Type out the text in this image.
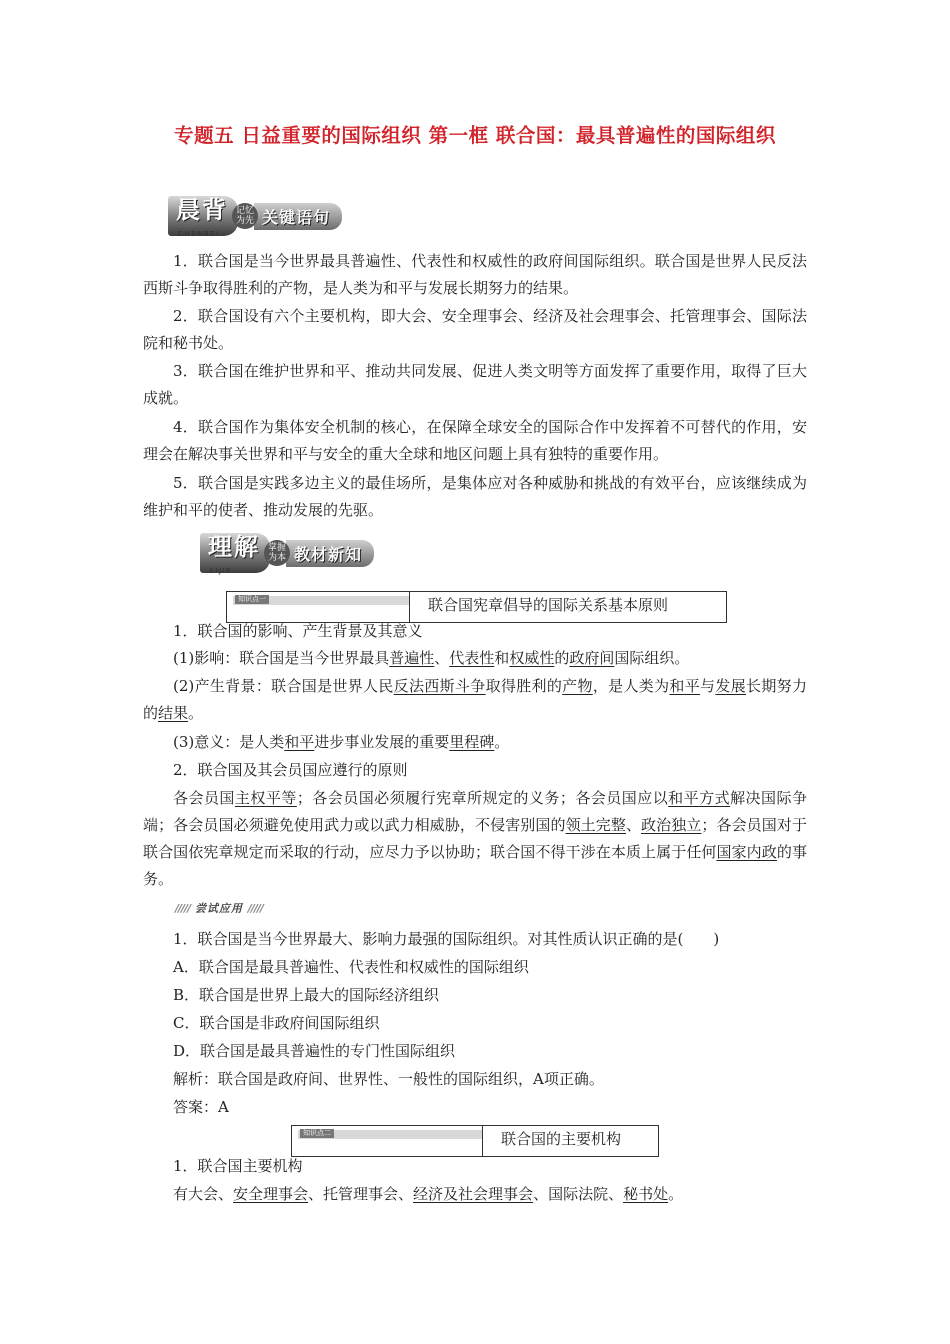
专题五 日益重要的国际组织 第一框 联合国：最具普遍性的国际组织
晨背
CHENBEI
记忆为先 关键语句
1．联合国是当今世界最具普遍性、代表性和权威性的政府间国际组织。联合国是世界人民反法西斯斗争取得胜利的产物，是人类为和平与发展长期努力的结果。
2．联合国设有六个主要机构，即大会、安全理事会、经济及社会理事会、托管理事会、国际法院和秘书处。
3．联合国在维护世界和平、推动共同发展、促进人类文明等方面发挥了重要作用，取得了巨大成就。
4．联合国作为集体安全机制的核心，在保障全球安全的国际合作中发挥着不可替代的作用，安理会在解决事关世界和平与安全的重大全球和地区问题上具有独特的重要作用。
5．联合国是实践多边主义的最佳场所，是集体应对各种威胁和挑战的有效平台，应该继续成为维护和平的使者、推动发展的先驱。
理解
LIJIE
掌握为本 教材新知
知识点一	联合国宪章倡导的国际关系基本原则
1．联合国的影响、产生背景及其意义
(1)影响：联合国是当今世界最具普遍性、代表性和权威性的政府间国际组织。
(2)产生背景：联合国是世界人民反法西斯斗争取得胜利的产物，是人类为和平与发展长期努力的结果。
(3)意义：是人类和平进步事业发展的重要里程碑。
2．联合国及其会员国应遵行的原则
各会员国主权平等；各会员国必须履行宪章所规定的义务；各会员国应以和平方式解决国际争端；各会员国必须避免使用武力或以武力相威胁，不侵害别国的领土完整、政治独立；各会员国对于联合国依宪章规定而采取的行动，应尽力予以协助；联合国不得干涉在本质上属于任何国家内政的事务。
///// 尝试应用 /////
1．联合国是当今世界最大、影响力最强的国际组织。对其性质认识正确的是(　　)
A．联合国是最具普遍性、代表性和权威性的国际组织
B．联合国是世界上最大的国际经济组织
C．联合国是非政府间国际组织
D．联合国是最具普遍性的专门性国际组织
解析：联合国是政府间、世界性、一般性的国际组织，A项正确。
答案：A
知识点二	联合国的主要机构
1．联合国主要机构
有大会、安全理事会、托管理事会、经济及社会理事会、国际法院、秘书处。
